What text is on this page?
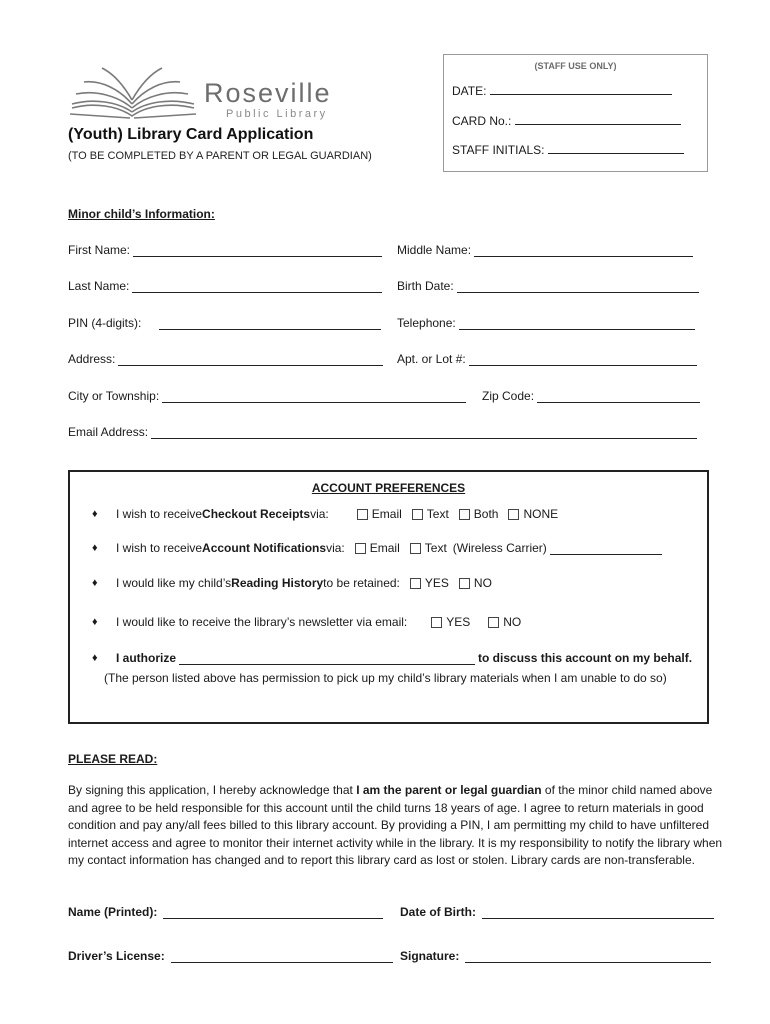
Roseville
Public Library
(Youth) Library Card Application
(TO BE COMPLETED BY A PARENT OR LEGAL GUARDIAN)
(STAFF USE ONLY)
DATE:
CARD No.:
STAFF INITIALS:
Minor child’s Information:
First Name:	Middle Name:
Last Name:	Birth Date:
PIN (4-digits):	Telephone:
Address:	Apt. or Lot #:
City or Township:	Zip Code:
Email Address:
ACCOUNT PREFERENCES
♦	I wish to receive Checkout Receipts via:	Email Text Both NONE
♦	I wish to receive Account Notifications via: Email Text (Wireless Carrier)
♦	I would like my child’s Reading History to be retained: YES NO
♦	I would like to receive the library’s newsletter via email:	YES	NO
♦	I authorize	to discuss this account on my behalf.
(The person listed above has permission to pick up my child’s library materials when I am unable to do so)
PLEASE READ:
By signing this application, I hereby acknowledge that I am the parent or legal guardian of the minor child named above and agree to be held responsible for this account until the child turns 18 years of age. I agree to return materials in good condition and pay any/all fees billed to this library account. By providing a PIN, I am permitting my child to have unfiltered internet access and agree to monitor their internet activity while in the library. It is my responsibility to notify the library when my contact information has changed and to report this library card as lost or stolen. Library cards are non-transferable.
Name (Printed):	Date of Birth:
Driver’s License:	Signature:
